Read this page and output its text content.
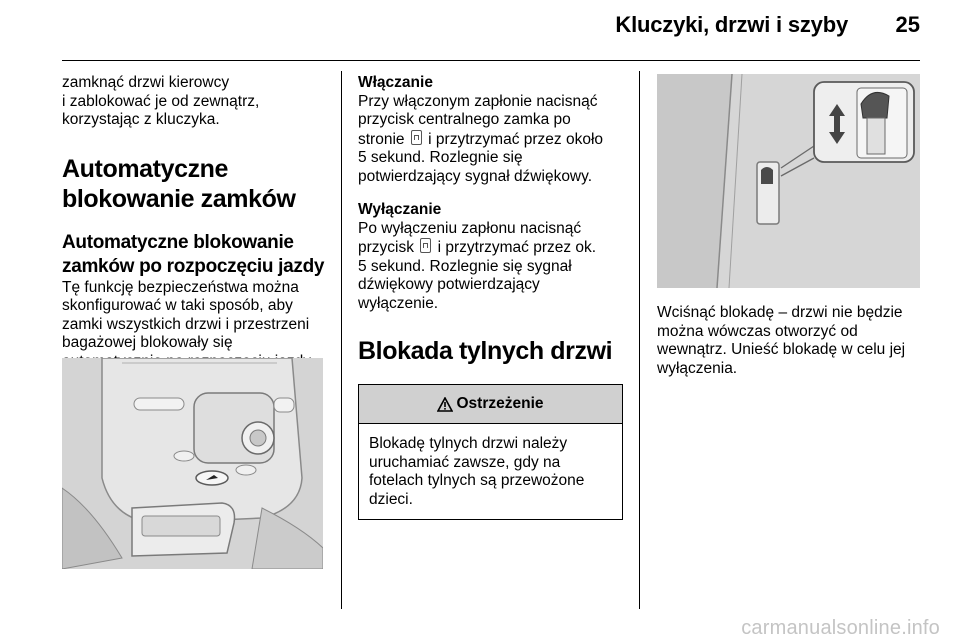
Kluczyki, drzwi i szyby 25

zamknąć drzwi kierowcy

i zablokować je od zewnątrz,

korzystając z kluczyka.

Automatyczne blokowanie zamków
Automatyczne blokowanie zamków po rozpoczęciu jazdy

Tę funkcję bezpieczeństwa można

skonfigurować w taki sposób, aby

zamki wszystkich drzwi i przestrzeni

bagażowej blokowały się

Włączanie

Przy włączonym zapłonie nacisnąć

przycisk centralnego zamka po

stronie i przytrzymać przez około

5 sekund. Rozlegnie się

potwierdzający sygnał dźwiękowy.

Wyłączanie

Po wyłączeniu zapłonu nacisnąć

przycisk i przytrzymać przez ok.

5 sekund. Rozlegnie się sygnał

dźwiękowy potwierdzający

wyłączenie.

Blokada tylnych drzwi
Ostrzeżenie

Blokadę tylnych drzwi należy

uruchamiać zawsze, gdy na

fotelach tylnych są przewożone

dzieci.

Wciśnąć blokadę – drzwi nie będzie

można wówczas otworzyć od

wewnątrz. Unieść blokadę w celu jej

wyłączenia.

carmanualsonline.info
